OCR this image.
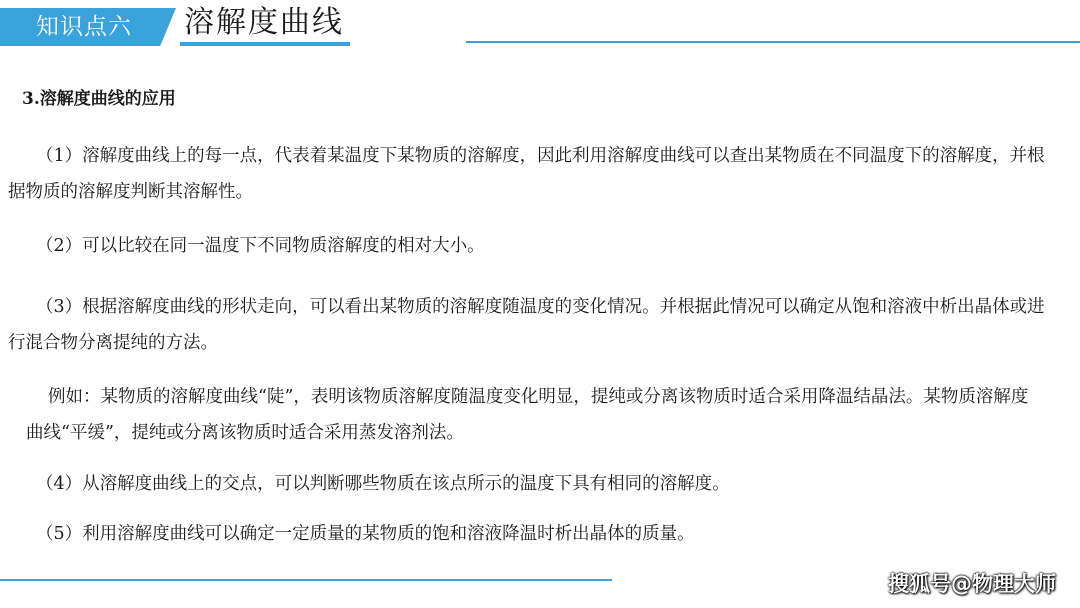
知识点六 溶解度曲线
3.溶解度曲线的应用
（1）溶解度曲线上的每一点，代表着某温度下某物质的溶解度，因此利用溶解度曲线可以查出某物质在不同温度下的溶解度，并根据物质的溶解度判断其溶解性。
（2）可以比较在同一温度下不同物质溶解度的相对大小。
（3）根据溶解度曲线的形状走向，可以看出某物质的溶解度随温度的变化情况。并根据此情况可以确定从饱和溶液中析出晶体或进行混合物分离提纯的方法。
例如：某物质的溶解度曲线“陡”，表明该物质溶解度随温度变化明显，提纯或分离该物质时适合采用降温结晶法。某物质溶解度曲线“平缓”，提纯或分离该物质时适合采用蒸发溶剂法。
（4）从溶解度曲线上的交点，可以判断哪些物质在该点所示的温度下具有相同的溶解度。
（5）利用溶解度曲线可以确定一定质量的某物质的饱和溶液降温时析出晶体的质量。
搜狐号@物理大师
